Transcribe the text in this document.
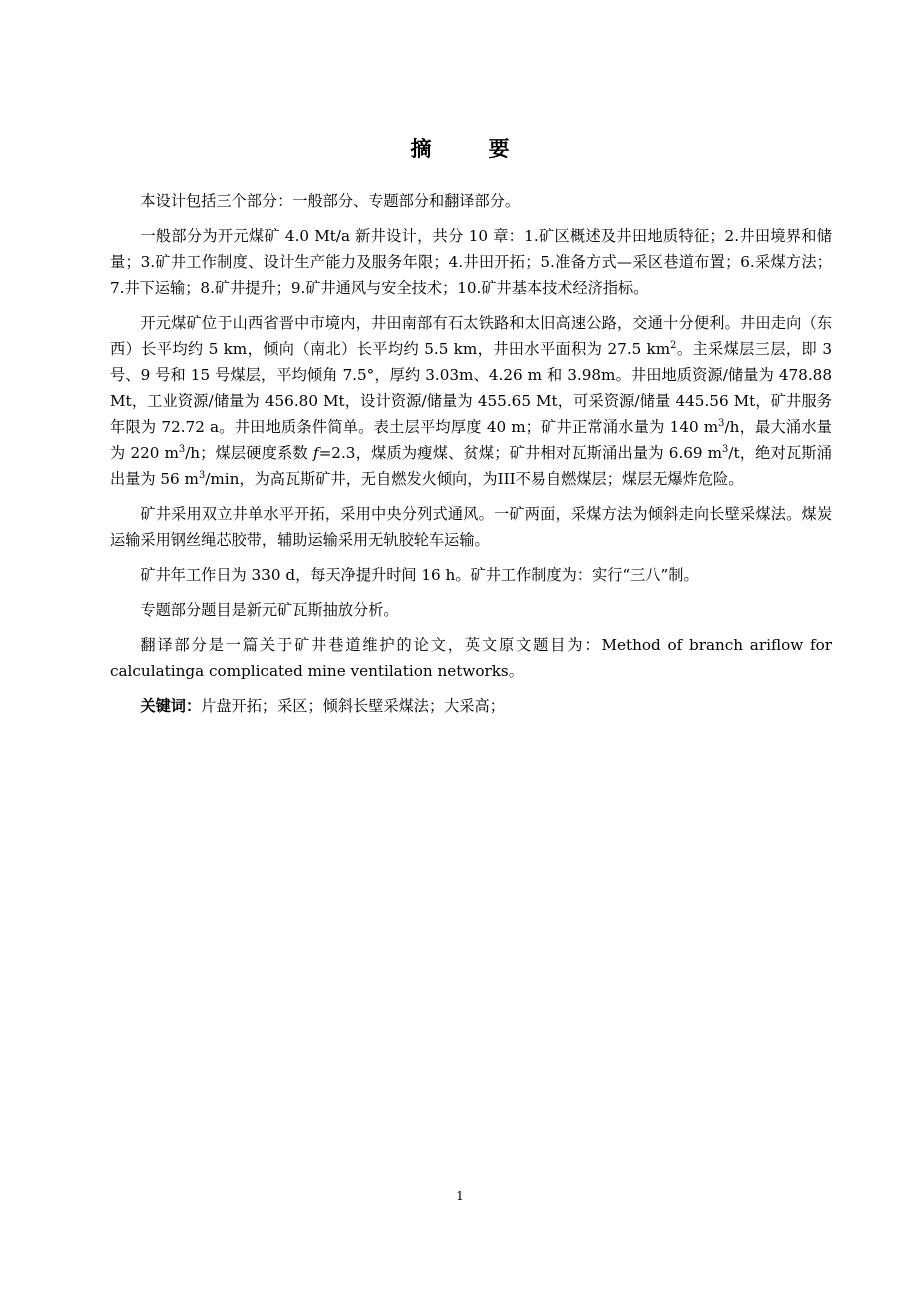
摘　要

本设计包括三个部分：一般部分、专题部分和翻译部分。

一般部分为开元煤矿 4.0 Mt/a 新井设计，共分 10 章：1.矿区概述及井田地质特征；2.井田境界和储量；3.矿井工作制度、设计生产能力及服务年限；4.井田开拓；5.准备方式—采区巷道布置；6.采煤方法；7.井下运输；8.矿井提升；9.矿井通风与安全技术；10.矿井基本技术经济指标。

开元煤矿位于山西省晋中市境内，井田南部有石太铁路和太旧高速公路，交通十分便利。井田走向（东西）长平均约 5 km，倾向（南北）长平均约 5.5 km，井田水平面积为 27.5 $km^2$。主采煤层三层，即 3 号、9 号和 15 号煤层，平均倾角 7.5°，厚约 3.03m、4.26 m 和 3.98m。井田地质资源/储量为 478.88 Mt，工业资源/储量为 456.80 Mt，设计资源/储量为 455.65 Mt，可采资源/储量 445.56 Mt，矿井服务年限为 72.72 a。井田地质条件简单。表土层平均厚度 40 m；矿井正常涌水量为 140 $m^3/h$，最大涌水量为 220 $m^3/h$；煤层硬度系数 f=2.3，煤质为瘦煤、贫煤；矿井相对瓦斯涌出量为 6.69 $m^3/t$，绝对瓦斯涌出量为 56 $m^3/\min$，为高瓦斯矿井，无自燃发火倾向，为III不易自燃煤层；煤层无爆炸危险。

矿井采用双立井单水平开拓，采用中央分列式通风。一矿两面，采煤方法为倾斜走向长壁采煤法。煤炭运输采用钢丝绳芯胶带，辅助运输采用无轨胶轮车运输。

矿井年工作日为 330 d，每天净提升时间 16 h。矿井工作制度为：实行“三八”制。

专题部分题目是新元矿瓦斯抽放分析。

翻译部分是一篇关于矿井巷道维护的论文，英文原文题目为：Method of branch ariflow for calculatinga complicated mine ventilation networks。

关键词：片盘开拓；采区；倾斜长壁采煤法；大采高；

1
